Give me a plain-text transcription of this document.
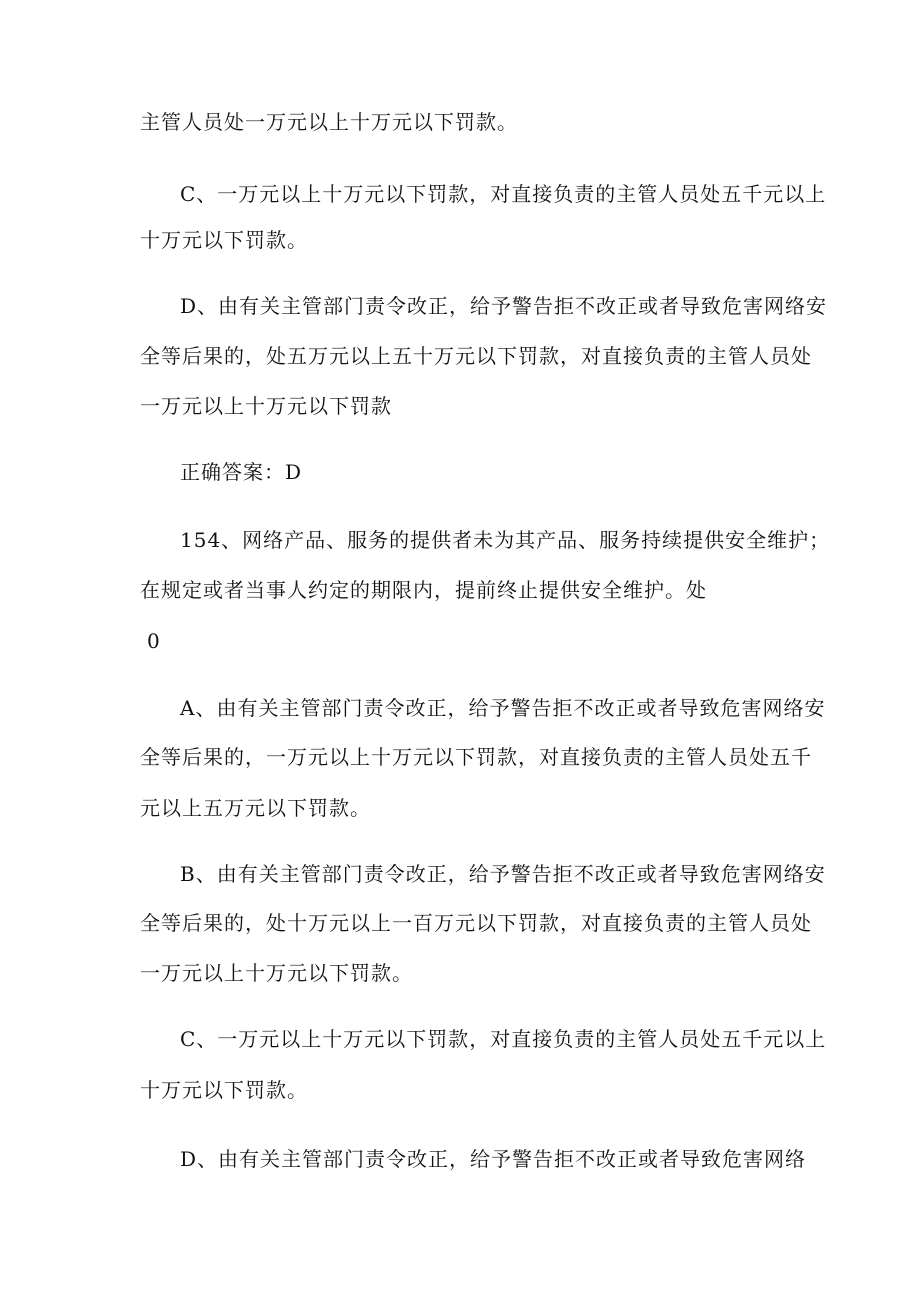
主管人员处一万元以上十万元以下罚款。
C、一万元以上十万元以下罚款，对直接负责的主管人员处五千元以上
十万元以下罚款。
D、由有关主管部门责令改正，给予警告拒不改正或者导致危害网络安
全等后果的，处五万元以上五十万元以下罚款，对直接负责的主管人员处
一万元以上十万元以下罚款
正确答案：D
154、网络产品、服务的提供者未为其产品、服务持续提供安全维护；
在规定或者当事人约定的期限内，提前终止提供安全维护。处
0
A、由有关主管部门责令改正，给予警告拒不改正或者导致危害网络安
全等后果的，一万元以上十万元以下罚款，对直接负责的主管人员处五千
元以上五万元以下罚款。
B、由有关主管部门责令改正，给予警告拒不改正或者导致危害网络安
全等后果的，处十万元以上一百万元以下罚款，对直接负责的主管人员处
一万元以上十万元以下罚款。
C、一万元以上十万元以下罚款，对直接负责的主管人员处五千元以上
十万元以下罚款。
D、由有关主管部门责令改正，给予警告拒不改正或者导致危害网络
